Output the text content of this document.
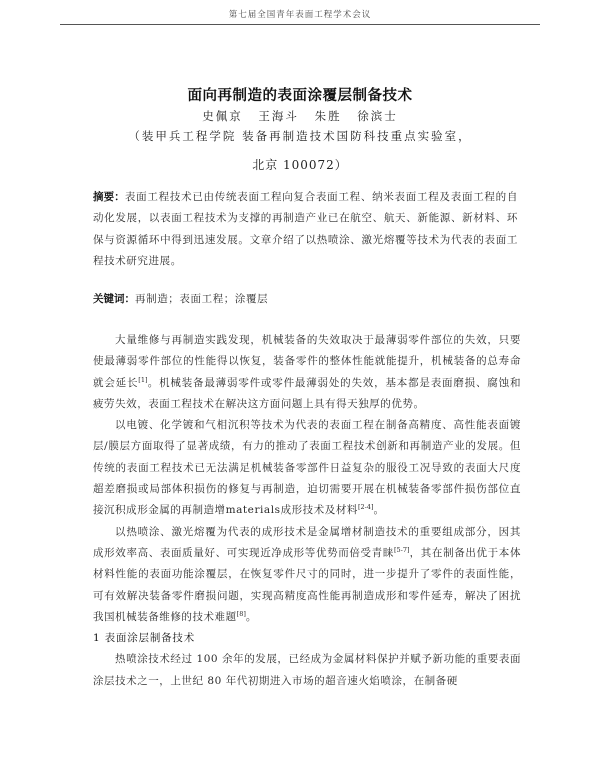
第七届全国青年表面工程学术会议
面向再制造的表面涂覆层制备技术
史佩京 王海斗 朱胜 徐滨士
（装甲兵工程学院 装备再制造技术国防科技重点实验室，
北京 100072）
摘要：表面工程技术已由传统表面工程向复合表面工程、纳米表面工程及表面工程的自动化发展，以表面工程技术为支撑的再制造产业已在航空、航天、新能源、新材料、环保与资源循环中得到迅速发展。文章介绍了以热喷涂、激光熔覆等技术为代表的表面工程技术研究进展。
关键词：再制造；表面工程；涂覆层

大量维修与再制造实践发现，机械装备的失效取决于最薄弱零件部位的失效，只要使最薄弱零件部位的性能得以恢复，装备零件的整体性能就能提升，机械装备的总寿命就会延长[1]。机械装备最薄弱零件或零件最薄弱处的失效，基本都是表面磨损、腐蚀和疲劳失效，表面工程技术在解决这方面问题上具有得天独厚的优势。

以电镀、化学镀和气相沉积等技术为代表的表面工程在制备高精度、高性能表面镀层/膜层方面取得了显著成绩，有力的推动了表面工程技术创新和再制造产业的发展。但传统的表面工程技术已无法满足机械装备零部件日益复杂的服役工况导致的表面大尺度超差磨损或局部体积损伤的修复与再制造，迫切需要开展在机械装备零部件损伤部位直接沉积成形金属的再制造增materials成形技术及材料[2-4]。

以热喷涂、激光熔覆为代表的成形技术是金属增材制造技术的重要组成部分，因其成形效率高、表面质量好、可实现近净成形等优势而倍受青睐[5-7]，其在制备出优于本体材料性能的表面功能涂覆层，在恢复零件尺寸的同时，进一步提升了零件的表面性能，可有效解决装备零件磨损问题，实现高精度高性能再制造成形和零件延寿，解决了困扰我国机械装备维修的技术难题[8]。

1 表面涂层制备技术

热喷涂技术经过 100 余年的发展，已经成为金属材料保护并赋予新功能的重要表面涂层技术之一，上世纪 80 年代初期进入市场的超音速火焰喷涂，在制备硬
